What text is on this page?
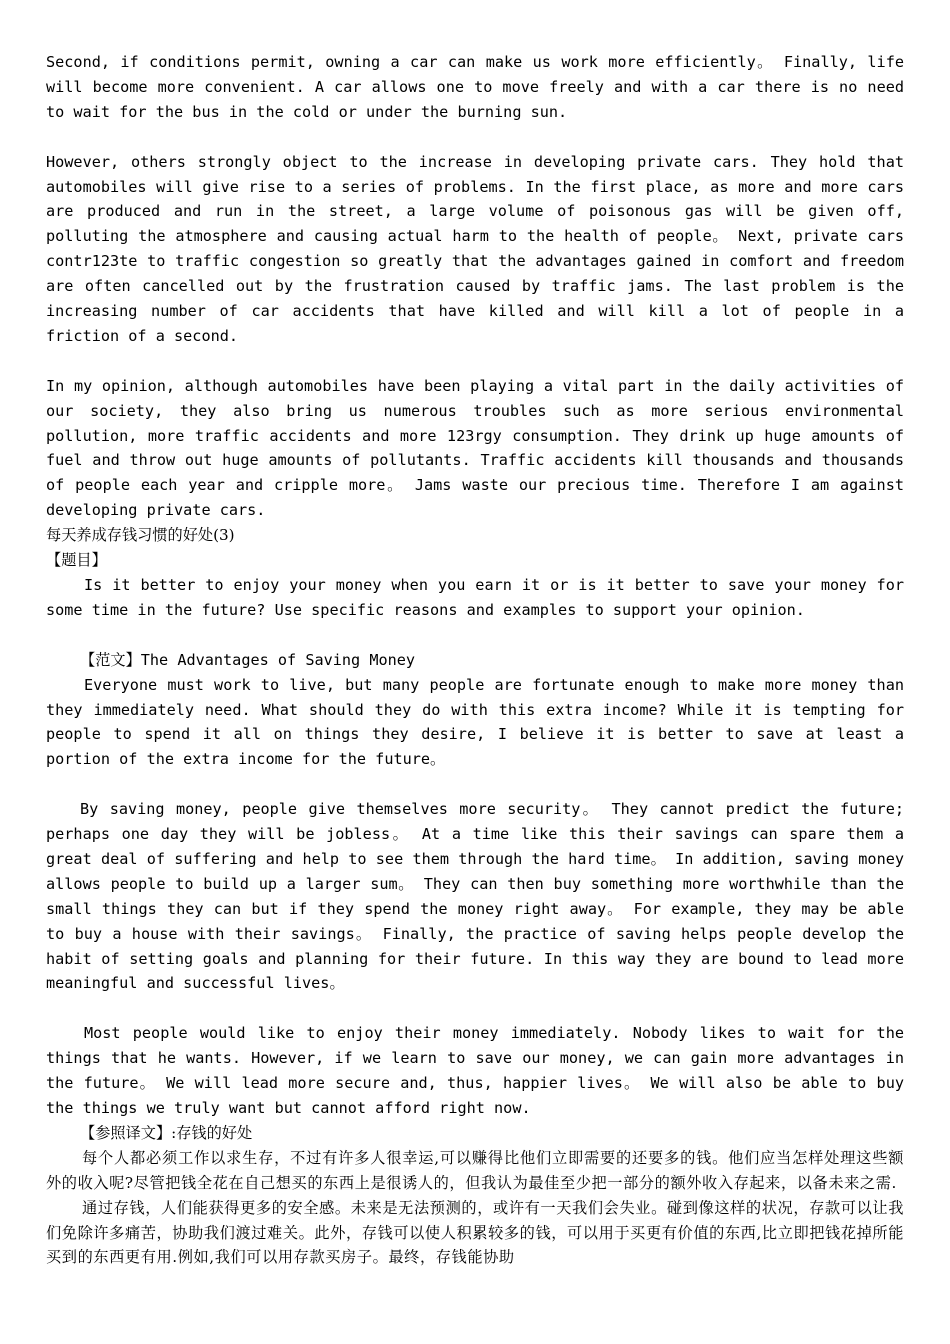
Second, if conditions permit, owning a car can make us work more efficiently。 Finally, life will become more convenient. A car allows one to move freely and with a car there is no need to wait for the bus in the cold or under the burning sun.

However, others strongly object to the increase in developing private cars. They hold that automobiles will give rise to a series of problems. In the first place, as more and more cars are produced and run in the street, a large volume of poisonous gas will be given off, polluting the atmosphere and causing actual harm to the health of people。 Next, private cars contr123te to traffic congestion so greatly that the advantages gained in comfort and freedom are often cancelled out by the frustration caused by traffic jams. The last problem is the increasing number of car accidents that have killed and will kill a lot of people in a friction of a second.

In my opinion, although automobiles have been playing a vital part in the daily activities of our society, they also bring us numerous troubles such as more serious environmental pollution, more traffic accidents and more 123rgy consumption. They drink up huge amounts of fuel and throw out huge amounts of pollutants. Traffic accidents kill thousands and thousands of people each year and cripple more。 Jams waste our precious time. Therefore I am against developing private cars.

每天养成存钱习惯的好处(3)

【题目】

Is it better to enjoy your money when you earn it or is it better to save your money for some time in the future? Use specific reasons and examples to support your opinion.

【范文】The Advantages of Saving Money

Everyone must work to live, but many people are fortunate enough to make more money than they immediately need. What should they do with this extra income? While it is tempting for people to spend it all on things they desire, I believe it is better to save at least a portion of the extra income for the future。

By saving money, people give themselves more security。 They cannot predict the future; perhaps one day they will be jobless。 At a time like this their savings can spare them a great deal of suffering and help to see them through the hard time。 In addition, saving money allows people to build up a larger sum。 They can then buy something more worthwhile than the small things they can but if they spend the money right away。 For example, they may be able to buy a house with their savings。 Finally, the practice of saving helps people develop the habit of setting goals and planning for their future. In this way they are bound to lead more meaningful and successful lives。

Most people would like to enjoy their money immediately. Nobody likes to wait for the things that he wants. However, if we learn to save our money, we can gain more advantages in the future。 We will lead more secure and, thus, happier lives。 We will also be able to buy the things we truly want but cannot afford right now.

【参照译文】:存钱的好处

每个人都必须工作以求生存，不过有许多人很幸运,可以赚得比他们立即需要的还要多的钱。他们应当怎样处理这些额外的收入呢?尽管把钱全花在自己想买的东西上是很诱人的，但我认为最佳至少把一部分的额外收入存起来，以备未来之需.

通过存钱，人们能获得更多的安全感。未来是无法预测的，或许有一天我们会失业。碰到像这样的状况，存款可以让我们免除许多痛苦，协助我们渡过难关。此外，存钱可以使人积累较多的钱，可以用于买更有价值的东西,比立即把钱花掉所能买到的东西更有用.例如,我们可以用存款买房子。最终，存钱能协助
